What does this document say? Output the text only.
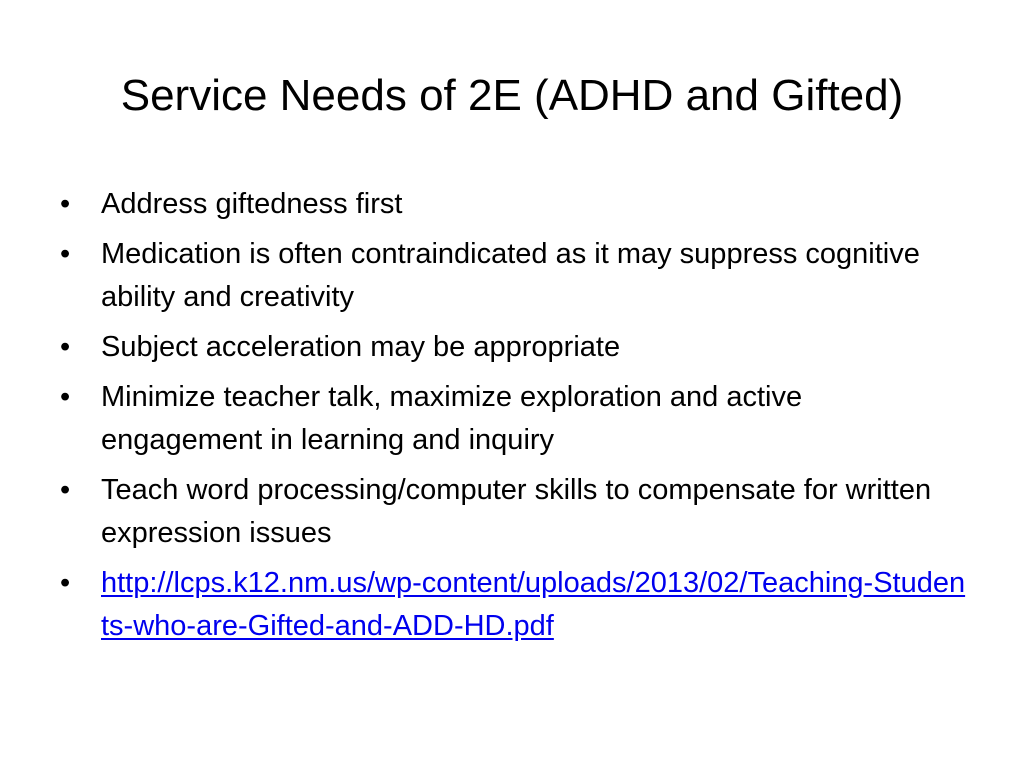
Service Needs of 2E (ADHD and Gifted)
•	Address giftedness first
•	Medication is often contraindicated as it may suppress cognitive ability and creativity
•	Subject acceleration may be appropriate
•	Minimize teacher talk, maximize exploration and active engagement in learning and inquiry
•	Teach word processing/computer skills to compensate for written expression issues
•	http://lcps.k12.nm.us/wp-content/uploads/2013/02/Teaching-Students-who-are-Gifted-and-ADD-HD.pdf
